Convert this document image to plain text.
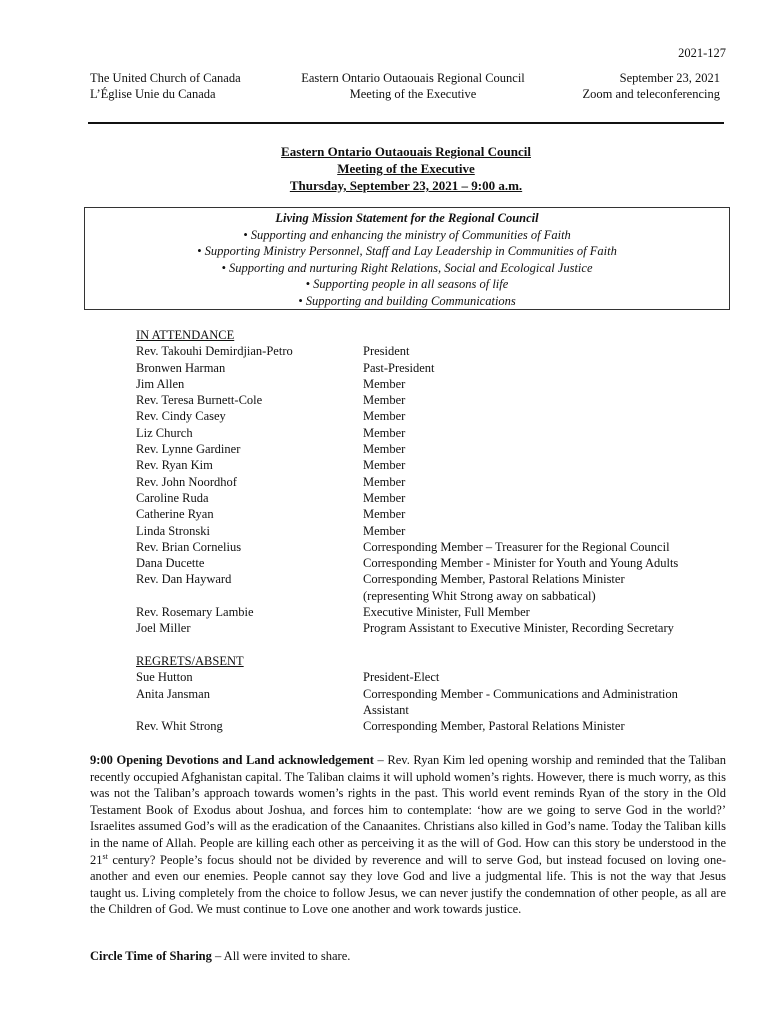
2021-127
The United Church of Canada
L’Église Unie du Canada
Eastern Ontario Outaouais Regional Council
Meeting of the Executive
September 23, 2021
Zoom and teleconferencing
Eastern Ontario Outaouais Regional Council
Meeting of the Executive
Thursday, September 23, 2021 – 9:00 a.m.
Living Mission Statement for the Regional Council
• Supporting and enhancing the ministry of Communities of Faith
• Supporting Ministry Personnel, Staff and Lay Leadership in Communities of Faith
• Supporting and nurturing Right Relations, Social and Ecological Justice
• Supporting people in all seasons of life
• Supporting and building Communications
IN ATTENDANCE
Rev. Takouhi Demirdjian-Petro	President
Bronwen Harman	Past-President
Jim Allen	Member
Rev. Teresa Burnett-Cole	Member
Rev. Cindy Casey	Member
Liz Church	Member
Rev. Lynne Gardiner	Member
Rev. Ryan Kim	Member
Rev. John Noordhof	Member
Caroline Ruda	Member
Catherine Ryan	Member
Linda Stronski	Member
Rev. Brian Cornelius	Corresponding Member – Treasurer for the Regional Council
Dana Ducette	Corresponding Member - Minister for Youth and Young Adults
Rev. Dan Hayward	Corresponding Member, Pastoral Relations Minister
(representing Whit Strong away on sabbatical)
Rev. Rosemary Lambie	Executive Minister, Full Member
Joel Miller	Program Assistant to Executive Minister, Recording Secretary
REGRETS/ABSENT
Sue Hutton	President-Elect
Anita Jansman	Corresponding Member - Communications and Administration
Assistant
Rev. Whit Strong	Corresponding Member, Pastoral Relations Minister
9:00 Opening Devotions and Land acknowledgement – Rev. Ryan Kim led opening worship and reminded that the Taliban recently occupied Afghanistan capital. The Taliban claims it will uphold women’s rights. However, there is much worry, as this was not the Taliban’s approach towards women’s rights in the past. This world event reminds Ryan of the story in the Old Testament Book of Exodus about Joshua, and forces him to contemplate: ‘how are we going to serve God in the world?’ Israelites assumed God’s will as the eradication of the Canaanites. Christians also killed in God’s name. Today the Taliban kills in the name of Allah. People are killing each other as perceiving it as the will of God. How can this story be understood in the 21st century? People’s focus should not be divided by reverence and will to serve God, but instead focused on loving one-another and even our enemies. People cannot say they love God and live a judgmental life. This is not the way that Jesus taught us. Living completely from the choice to follow Jesus, we can never justify the condemnation of other people, as all are the Children of God. We must continue to Love one another and work towards justice.
Circle Time of Sharing – All were invited to share.
